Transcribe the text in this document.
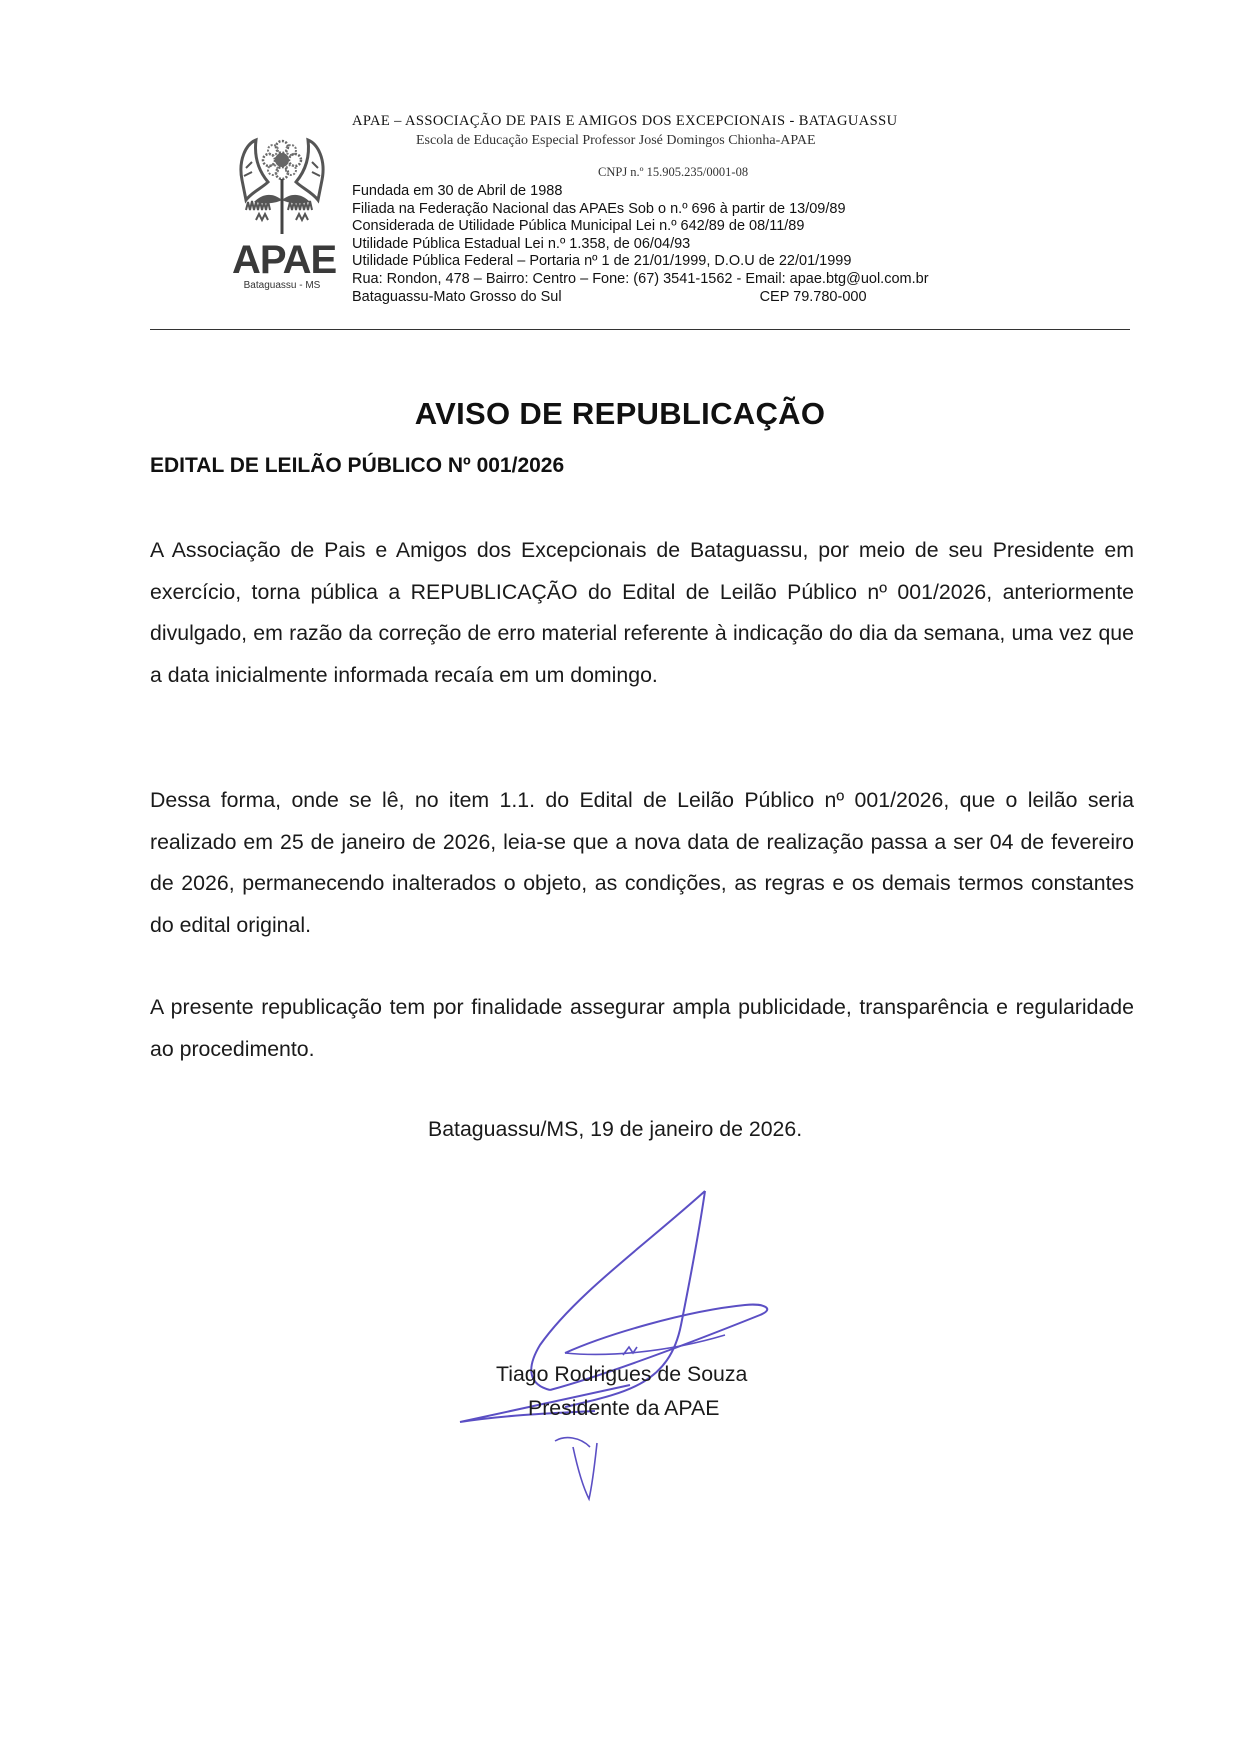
APAE
Bataguassu - MS
APAE – ASSOCIAÇÃO DE PAIS E AMIGOS DOS EXCEPCIONAIS - BATAGUASSU
Escola de Educação Especial Professor José Domingos Chionha-APAE
CNPJ n.º 15.905.235/0001-08
Fundada em 30 de Abril de 1988
Filiada na Federação Nacional das APAEs Sob o n.º 696 à partir de 13/09/89
Considerada de Utilidade Pública Municipal Lei n.º 642/89 de 08/11/89
Utilidade Pública Estadual Lei n.º 1.358, de 06/04/93
Utilidade Pública Federal – Portaria nº 1 de 21/01/1999, D.O.U de 22/01/1999
Rua: Rondon, 478 – Bairro: Centro – Fone: (67) 3541-1562 - Email: apae.btg@uol.com.br
Bataguassu-Mato Grosso do Sul	CEP 79.780-000
AVISO DE REPUBLICAÇÃO
EDITAL DE LEILÃO PÚBLICO Nº 001/2026
A Associação de Pais e Amigos dos Excepcionais de Bataguassu, por meio de seu Presidente em exercício, torna pública a REPUBLICAÇÃO do Edital de Leilão Público nº 001/2026, anteriormente divulgado, em razão da correção de erro material referente à indicação do dia da semana, uma vez que a data inicialmente informada recaía em um domingo.
Dessa forma, onde se lê, no item 1.1. do Edital de Leilão Público nº 001/2026, que o leilão seria realizado em 25 de janeiro de 2026, leia-se que a nova data de realização passa a ser 04 de fevereiro de 2026, permanecendo inalterados o objeto, as condições, as regras e os demais termos constantes do edital original.
A presente republicação tem por finalidade assegurar ampla publicidade, transparência e regularidade ao procedimento.
Bataguassu/MS, 19 de janeiro de 2026.
Tiago Rodrigues de Souza
Presidente da APAE
